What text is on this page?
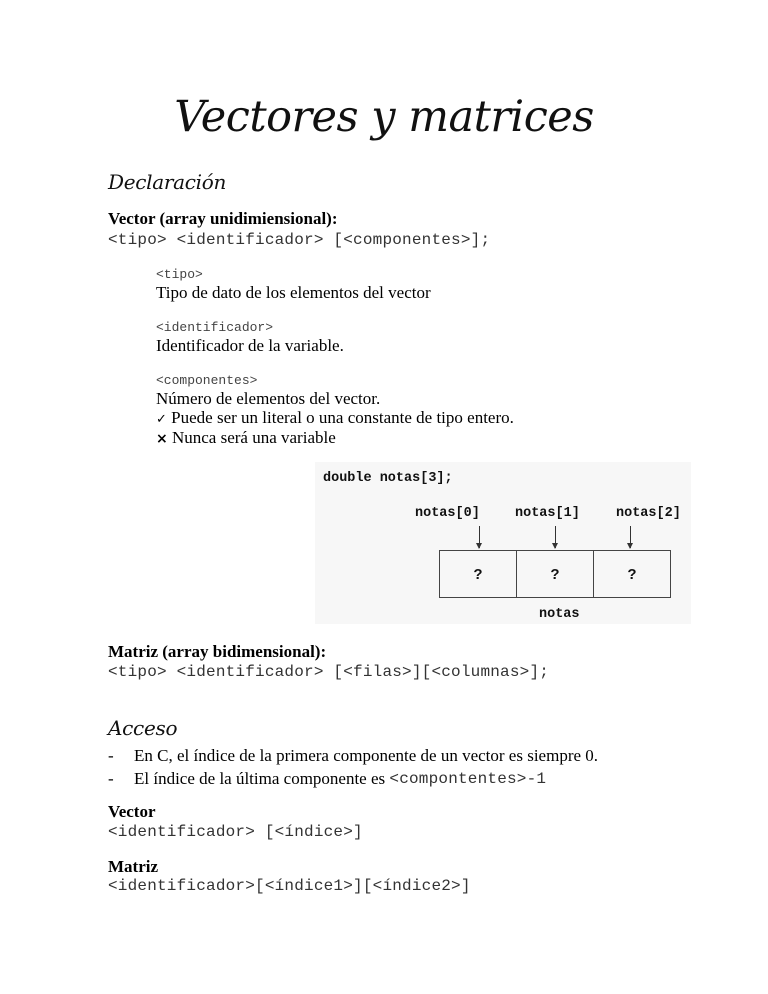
Vectores y matrices
Declaración
Vector (array unidimiensional):
<tipo> <identificador> [<componentes>];
<tipo>
Tipo de dato de los elementos del vector
<identificador>
Identificador de la variable.
<componentes>
Número de elementos del vector.
✓ Puede ser un literal o una constante de tipo entero.
× Nunca será una variable
double notas[3];
notas[0]	notas[1]	notas[2]
?	?	?
notas
Matriz (array bidimensional):
<tipo> <identificador> [<filas>][<columnas>];
Acceso
-	En C, el índice de la primera componente de un vector es siempre 0.
-	El índice de la última componente es <compontentes>-1
Vector
<identificador> [<índice>]
Matriz
<identificador>[<índice1>][<índice2>]
